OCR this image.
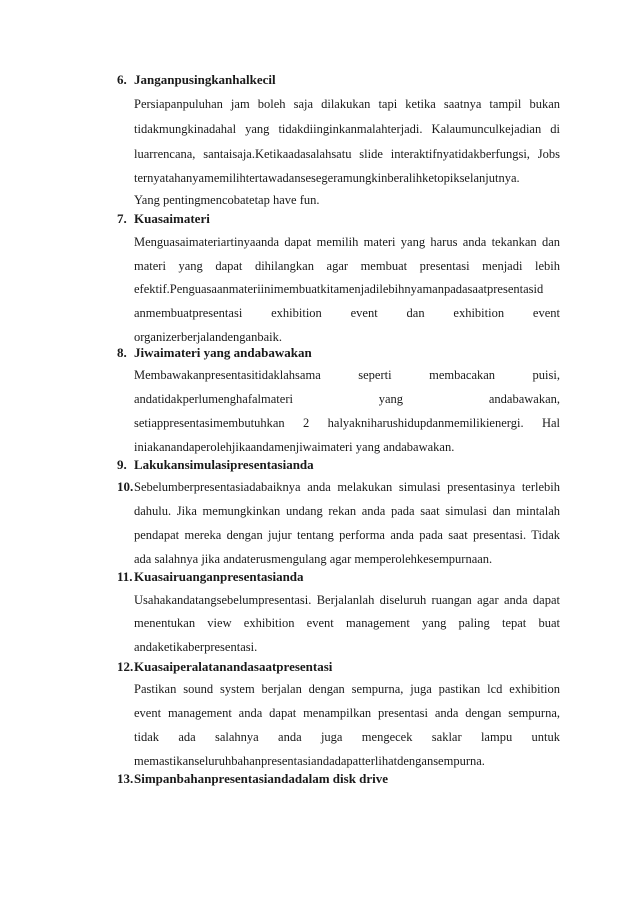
6. Janganpusingkanhalkecil
Persiapanpuluhan jam boleh saja dilakukan tapi ketika saatnya tampil bukan
tidakmungkinadahal yang tidakdiinginkanmalahterjadi. Kalaumunculkejadian di
luarrencana, santaisaja.Ketikaadasalahsatu slide interaktifnyatidakberfungsi, Jobs
ternyatahanyamemilihtertawadansesegeramungkinberalihketopikselanjutnya.
Yang pentingmencobatetap have fun.
7. Kuasaimateri
Menguasaimateriartinyaanda dapat memilih materi yang harus anda tekankan dan
materi yang dapat dihilangkan agar membuat presentasi menjadi lebih
efektif.Penguasaanmateriinimembuatkitamenjadilebihnyamanpadasaatpresentasid
anmembuatpresentasi exhibition event dan exhibition event
organizerberjalandenganbaik.
8. Jiwaimateri yang andabawakan
Membawakanpresentasitidaklahsama seperti membacakan puisi,
andatidakperlumenghafalmateri yang andabawakan,
setiappresentasimembutuhkan 2 halyakniharushidupdanmemilikienergi. Hal
iniakanandaperolehjikaandamenjiwaimateri yang andabawakan.
9. Lakukansimulasipresentasianda
10. Sebelumberpresentasiadabaiknya anda melakukan simulasi presentasinya terlebih
dahulu. Jika memungkinkan undang rekan anda pada saat simulasi dan mintalah
pendapat mereka dengan jujur tentang performa anda pada saat presentasi. Tidak
ada salahnya jika andaterusmengulang agar memperolehkesempurnaan.
11. Kuasairuanganpresentasianda
Usahakandatangsebelumpresentasi. Berjalanlah diseluruh ruangan agar anda dapat
menentukan view exhibition event management yang paling tepat buat
andaketikaberpresentasi.
12. Kuasaiperalatanandasaatpresentasi
Pastikan sound system berjalan dengan sempurna, juga pastikan lcd exhibition
event management anda dapat menampilkan presentasi anda dengan sempurna,
tidak ada salahnya anda juga mengecek saklar lampu untuk
memastikanseluruhbahanpresentasiandadapatterlihatdengansempurna.
13. Simpanbahanpresentasiandadalam disk drive
